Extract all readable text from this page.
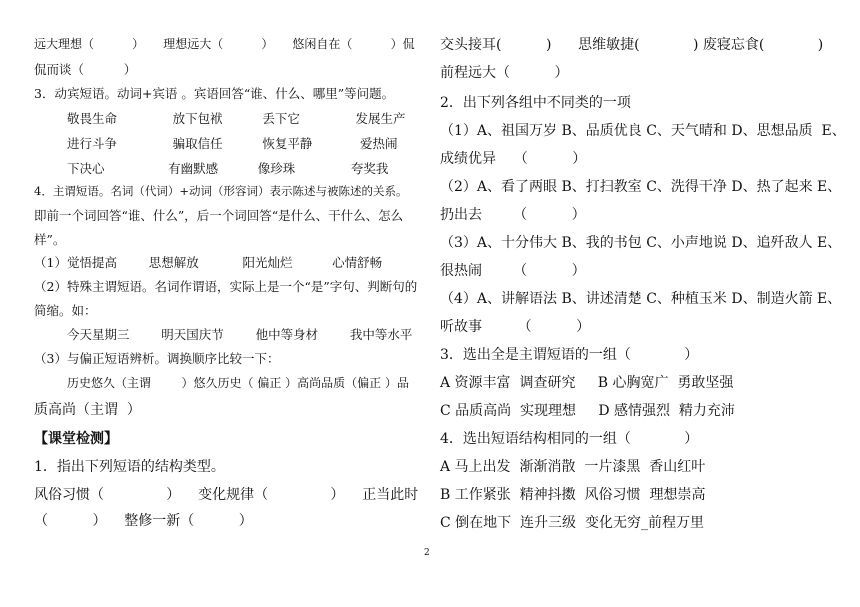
远大理想（          ）     理想远大（          ）     悠闲自在（          ）侃
侃而谈（          ）
3．动宾短语。动词+宾语 。宾语回答“谁、什么、哪里”等问题。
敬畏生命              放下包袱          丢下它              发展生产
进行斗争              骗取信任          恢复平静            爱热闹
下决心                有幽默感          像珍珠              夸奖我
4．主谓短语。名词（代词）+动词（形容词）表示陈述与被陈述的关系。
即前一个词回答“谁、什么”，后一个词回答“是什么、干什么、怎么
样”。
（1）觉悟提高        思想解放           阳光灿烂          心情舒畅
（2）特殊主谓短语。名词作谓语，实际上是一个“是”字句、判断句的
简缩。如：
今天星期三        明天国庆节        他中等身材        我中等水平
（3）与偏正短语辨析。调换顺序比较一下：
历史悠久（主谓        ）悠久历史（ 偏正 ）高尚品质（偏正 ）品
质高尚（主谓  ）
【课堂检测】
1．指出下列短语的结构类型。
风俗习惯（              ）    变化规律（              ）    正当此时
（          ）    整修一新（          ）
交头接耳(          )      思维敏捷(            ) 废寝忘食(            )
前程远大（          ）
2．出下列各组中不同类的一项
（1）A、祖国万岁 B、品质优良 C、天气晴和 D、思想品质  E、
成绩优异    （          ）
（2）A、看了两眼 B、打扫教室 C、洗得干净 D、热了起来 E、
扔出去       （          ）
（3）A、十分伟大 B、我的书包 C、小声地说 D、追歼敌人 E、
很热闹       （          ）
（4）A、讲解语法 B、讲述清楚 C、种植玉米 D、制造火箭 E、
听故事        （          ）
3．选出全是主谓短语的一组（            ）
A 资源丰富  调查研究     B 心胸宽广  勇敢坚强
C 品质高尚  实现理想     D 感情强烈  精力充沛
4．选出短语结构相同的一组（            ）
A 马上出发  渐渐消散  一片漆黑  香山红叶
B 工作紧张  精神抖擞  风俗习惯  理想崇高
C 倒在地下  连升三级  变化无穷_前程万里
2
